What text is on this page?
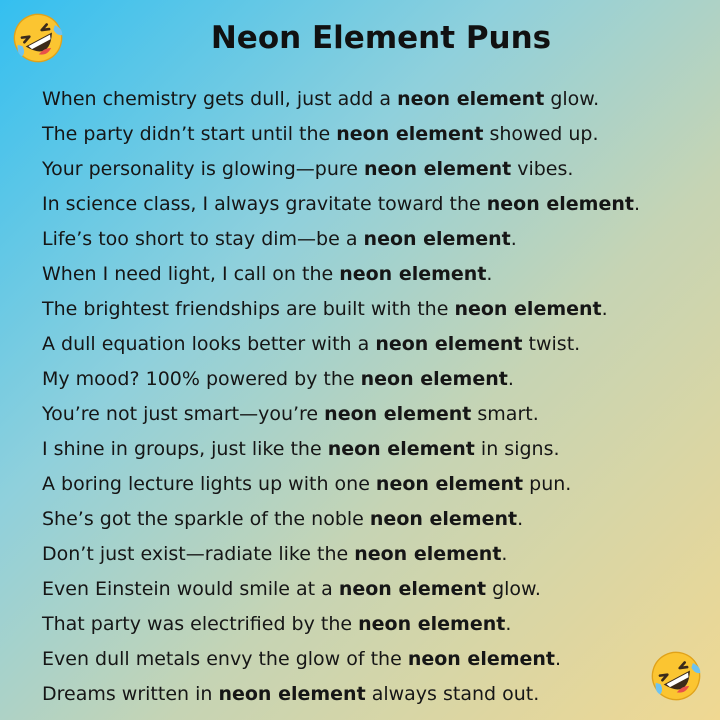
Neon Element Puns
When chemistry gets dull, just add a neon element glow.
The party didn’t start until the neon element showed up.
Your personality is glowing—pure neon element vibes.
In science class, I always gravitate toward the neon element.
Life’s too short to stay dim—be a neon element.
When I need light, I call on the neon element.
The brightest friendships are built with the neon element.
A dull equation looks better with a neon element twist.
My mood? 100% powered by the neon element.
You’re not just smart—you’re neon element smart.
I shine in groups, just like the neon element in signs.
A boring lecture lights up with one neon element pun.
She’s got the sparkle of the noble neon element.
Don’t just exist—radiate like the neon element.
Even Einstein would smile at a neon element glow.
That party was electrified by the neon element.
Even dull metals envy the glow of the neon element.
Dreams written in neon element always stand out.
